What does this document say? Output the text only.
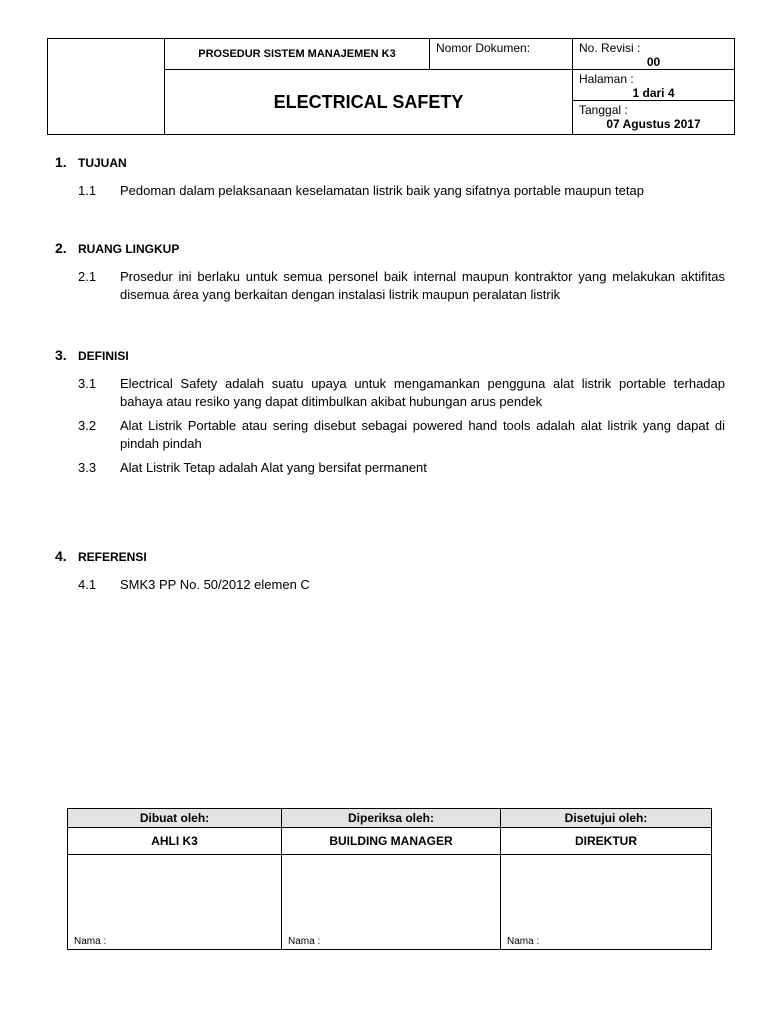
	PROSEDUR SISTEM MANAJEMEN K3	Nomor Dokumen:	No. Revisi :
00

	ELECTRICAL SAFETY		Halaman :
1 dari 4

			Tanggal :
07 Agustus 2017
1. TUJUAN
1.1	Pedoman dalam pelaksanaan keselamatan listrik baik yang sifatnya portable maupun tetap
2. RUANG LINGKUP
2.1	Prosedur ini berlaku untuk semua personel baik internal maupun kontraktor yang melakukan aktifitas disemua área yang berkaitan dengan instalasi listrik maupun peralatan listrik
3. DEFINISI
3.1	Electrical Safety adalah suatu upaya untuk mengamankan pengguna alat listrik portable terhadap bahaya atau resiko yang dapat ditimbulkan akibat hubungan arus pendek
3.2	Alat Listrik Portable atau sering disebut sebagai powered hand tools adalah alat listrik yang dapat di pindah pindah
3.3	Alat Listrik Tetap adalah Alat yang bersifat permanent
4. REFERENSI
4.1	SMK3 PP No. 50/2012 elemen C
Dibuat oleh:	Diperiksa oleh:	Disetujui oleh:
AHLI K3	BUILDING MANAGER	DIREKTUR
Nama :	Nama :	Nama :
